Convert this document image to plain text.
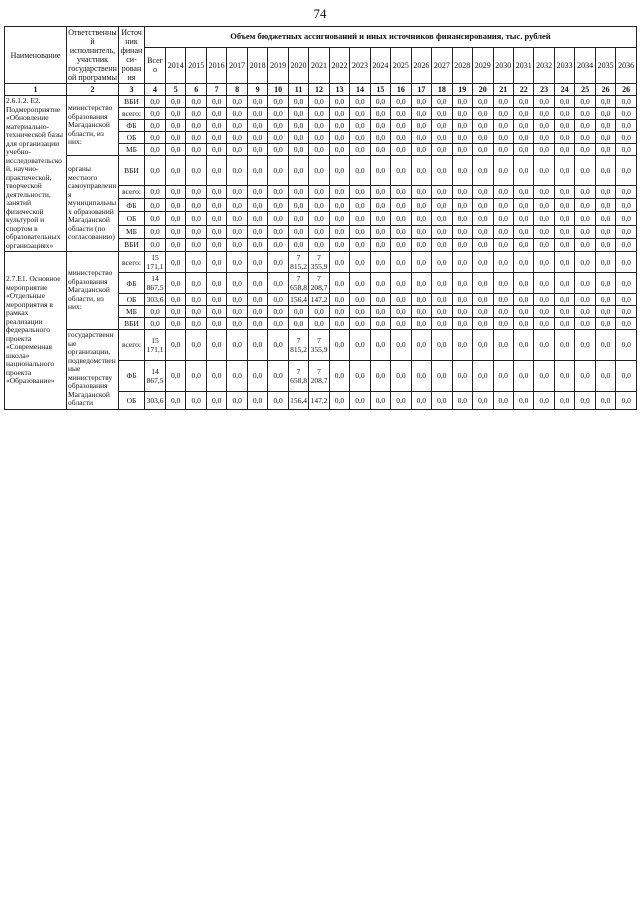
74
Наименование	Ответственный исполнитель, участник государственной программы	Источник финанси-рования	Объем бюджетных ассигнований и иных источников финансирования, тыс. рублей																							
			Всего	2014	2015	2016	2017	2018	2019	2020	2021	2022	2023	2024	2025	2026	2027	2028	2029	2030	2031	2032	2033	2034	2035	2036
1	2	3	4	5	6	7	8	9	10	11	12	13	14	15	16	17	18	19	20	21	22	23	24	25	26	26
2.6.1.2. E2. Подмероприятие «Обновление материально-технической базы для организации учебно-исследовательской, научно-практической, творческой деятельности, занятий физической культурой и спортом в образовательных организациях»	министерство образования Магаданской области, из них:	ВБИ	0,0	0,0	0,0	0,0	0,0	0,0	0,0	0,0	0,0	0,0	0,0	0,0	0,0	0,0	0,0	0,0	0,0	0,0	0,0	0,0	0,0	0,0	0,0	0,0
		всего:	0,0	0,0	0,0	0,0	0,0	0,0	0,0	0,0	0,0	0,0	0,0	0,0	0,0	0,0	0,0	0,0	0,0	0,0	0,0	0,0	0,0	0,0	0,0	0,0
		ФБ	0,0	0,0	0,0	0,0	0,0	0,0	0,0	0,0	0,0	0,0	0,0	0,0	0,0	0,0	0,0	0,0	0,0	0,0	0,0	0,0	0,0	0,0	0,0	0,0
		ОБ	0,0	0,0	0,0	0,0	0,0	0,0	0,0	0,0	0,0	0,0	0,0	0,0	0,0	0,0	0,0	0,0	0,0	0,0	0,0	0,0	0,0	0,0	0,0	0,0
		МБ	0,0	0,0	0,0	0,0	0,0	0,0	0,0	0,0	0,0	0,0	0,0	0,0	0,0	0,0	0,0	0,0	0,0	0,0	0,0	0,0	0,0	0,0	0,0	0,0
	органы местного самоуправления муниципальных образований Магаданской области (по согласованию)	ВБИ	0,0	0,0	0,0	0,0	0,0	0,0	0,0	0,0	0,0	0,0	0,0	0,0	0,0	0,0	0,0	0,0	0,0	0,0	0,0	0,0	0,0	0,0	0,0	0,0
		всего:	0,0	0,0	0,0	0,0	0,0	0,0	0,0	0,0	0,0	0,0	0,0	0,0	0,0	0,0	0,0	0,0	0,0	0,0	0,0	0,0	0,0	0,0	0,0	0,0
		ФБ	0,0	0,0	0,0	0,0	0,0	0,0	0,0	0,0	0,0	0,0	0,0	0,0	0,0	0,0	0,0	0,0	0,0	0,0	0,0	0,0	0,0	0,0	0,0	0,0
		ОБ	0,0	0,0	0,0	0,0	0,0	0,0	0,0	0,0	0,0	0,0	0,0	0,0	0,0	0,0	0,0	0,0	0,0	0,0	0,0	0,0	0,0	0,0	0,0	0,0
		МБ	0,0	0,0	0,0	0,0	0,0	0,0	0,0	0,0	0,0	0,0	0,0	0,0	0,0	0,0	0,0	0,0	0,0	0,0	0,0	0,0	0,0	0,0	0,0	0,0
		ВБИ	0,0	0,0	0,0	0,0	0,0	0,0	0,0	0,0	0,0	0,0	0,0	0,0	0,0	0,0	0,0	0,0	0,0	0,0	0,0	0,0	0,0	0,0	0,0	0,0
2.7.E1. Основное мероприятие «Отдельные мероприятия в рамках реализации федерального проекта «Современная школа» национального проекта «Образование»	министерство образования Магаданской области, из них:	всего:	15 171,1	0,0	0,0	0,0	0,0	0,0	0,0	7 815,2	7 355,9	0,0	0,0	0,0	0,0	0,0	0,0	0,0	0,0	0,0	0,0	0,0	0,0	0,0	0,0	0,0
		ФБ	14 867,5	0,0	0,0	0,0	0,0	0,0	0,0	7 658,8	7 208,7	0,0	0,0	0,0	0,0	0,0	0,0	0,0	0,0	0,0	0,0	0,0	0,0	0,0	0,0	0,0
		ОБ	303,6	0,0	0,0	0,0	0,0	0,0	0,0	156,4	147,2	0,0	0,0	0,0	0,0	0,0	0,0	0,0	0,0	0,0	0,0	0,0	0,0	0,0	0,0	0,0
		МБ	0,0	0,0	0,0	0,0	0,0	0,0	0,0	0,0	0,0	0,0	0,0	0,0	0,0	0,0	0,0	0,0	0,0	0,0	0,0	0,0	0,0	0,0	0,0	0,0
		ВБИ	0,0	0,0	0,0	0,0	0,0	0,0	0,0	0,0	0,0	0,0	0,0	0,0	0,0	0,0	0,0	0,0	0,0	0,0	0,0	0,0	0,0	0,0	0,0	0,0
	государственные организации, подведомственные министерству образования Магаданской области	всего:	15 171,1	0,0	0,0	0,0	0,0	0,0	0,0	7 815,2	7 355,9	0,0	0,0	0,0	0,0	0,0	0,0	0,0	0,0	0,0	0,0	0,0	0,0	0,0	0,0	0,0
		ФБ	14 867,5	0,0	0,0	0,0	0,0	0,0	0,0	7 658,8	7 208,7	0,0	0,0	0,0	0,0	0,0	0,0	0,0	0,0	0,0	0,0	0,0	0,0	0,0	0,0	0,0
		ОБ	303,6	0,0	0,0	0,0	0,0	0,0	0,0	156,4	147,2	0,0	0,0	0,0	0,0	0,0	0,0	0,0	0,0	0,0	0,0	0,0	0,0	0,0	0,0	0,0
